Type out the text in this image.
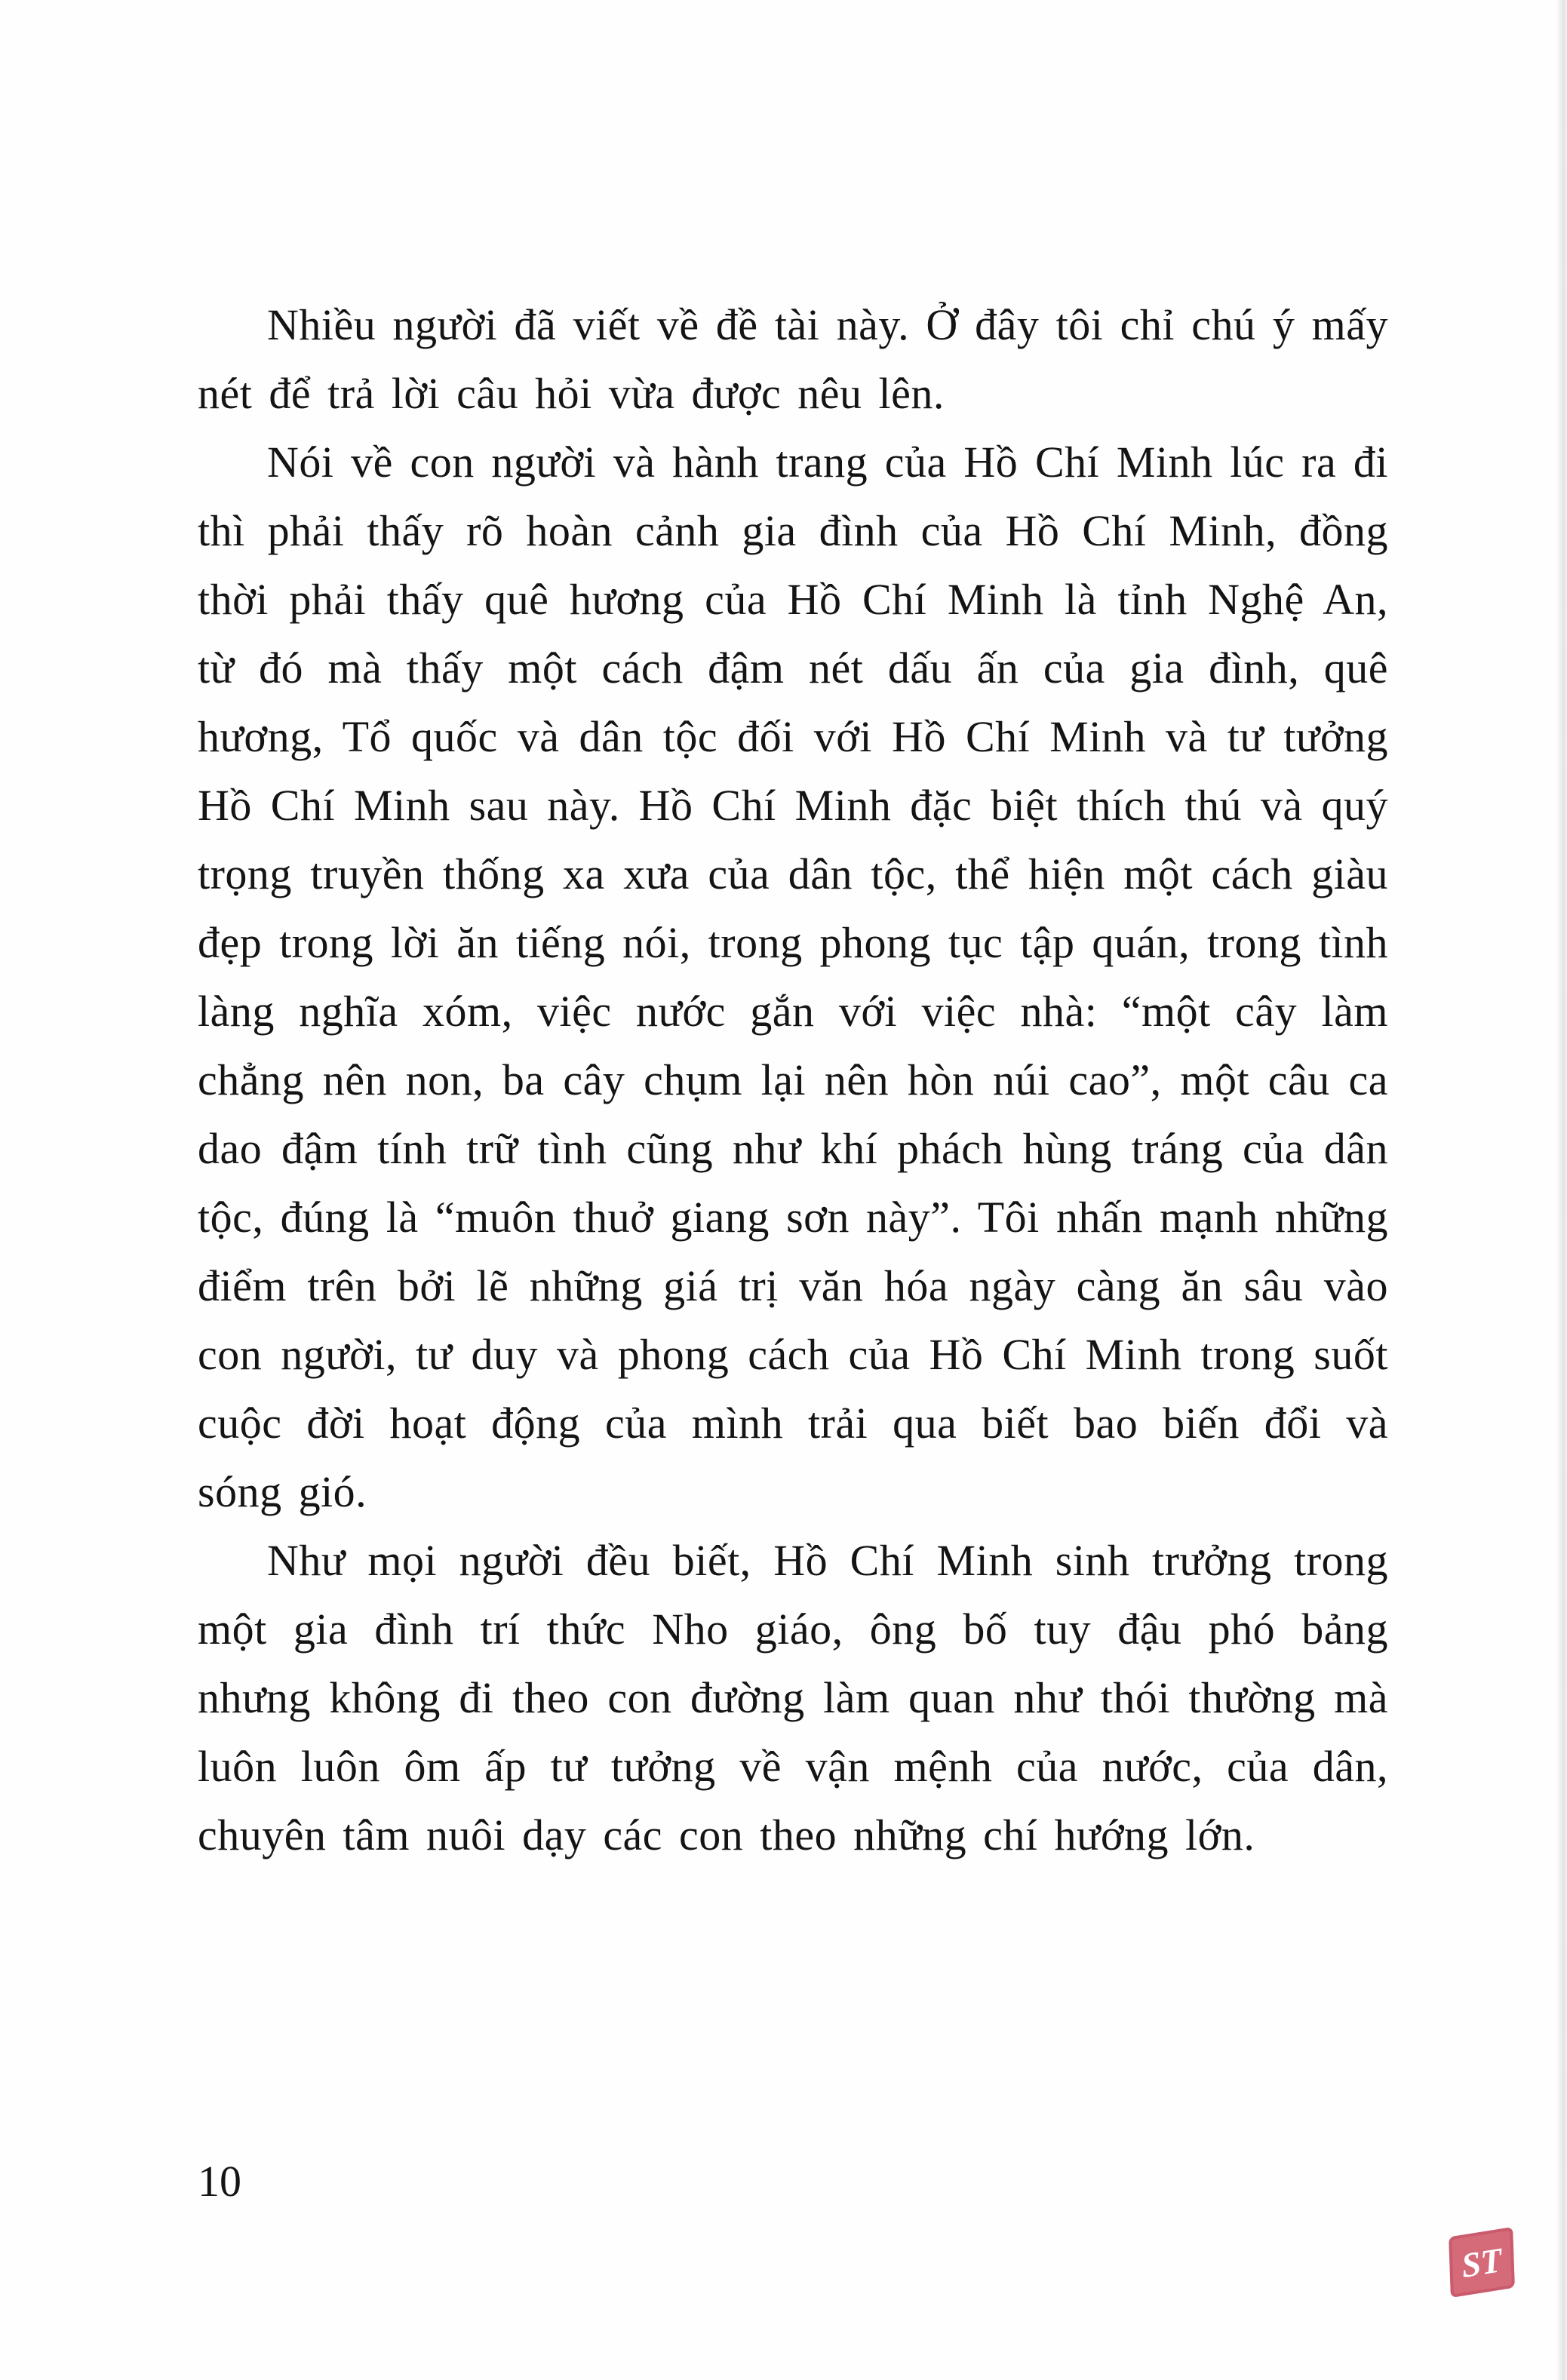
Nhiều người đã viết về đề tài này. Ở đây tôi chỉ chú ý mấy nét để trả lời câu hỏi vừa được nêu lên.

Nói về con người và hành trang của Hồ Chí Minh lúc ra đi thì phải thấy rõ hoàn cảnh gia đình của Hồ Chí Minh, đồng thời phải thấy quê hương của Hồ Chí Minh là tỉnh Nghệ An, từ đó mà thấy một cách đậm nét dấu ấn của gia đình, quê hương, Tổ quốc và dân tộc đối với Hồ Chí Minh và tư tưởng Hồ Chí Minh sau này. Hồ Chí Minh đặc biệt thích thú và quý trọng truyền thống xa xưa của dân tộc, thể hiện một cách giàu đẹp trong lời ăn tiếng nói, trong phong tục tập quán, trong tình làng nghĩa xóm, việc nước gắn với việc nhà: “một cây làm chẳng nên non, ba cây chụm lại nên hòn núi cao”, một câu ca dao đậm tính trữ tình cũng như khí phách hùng tráng của dân tộc, đúng là “muôn thuở giang sơn này”. Tôi nhấn mạnh những điểm trên bởi lẽ những giá trị văn hóa ngày càng ăn sâu vào con người, tư duy và phong cách của Hồ Chí Minh trong suốt cuộc đời hoạt động của mình trải qua biết bao biến đổi và sóng gió.

Như mọi người đều biết, Hồ Chí Minh sinh trưởng trong một gia đình trí thức Nho giáo, ông bố tuy đậu phó bảng nhưng không đi theo con đường làm quan như thói thường mà luôn luôn ôm ấp tư tưởng về vận mệnh của nước, của dân, chuyên tâm nuôi dạy các con theo những chí hướng lớn.

10
ST
